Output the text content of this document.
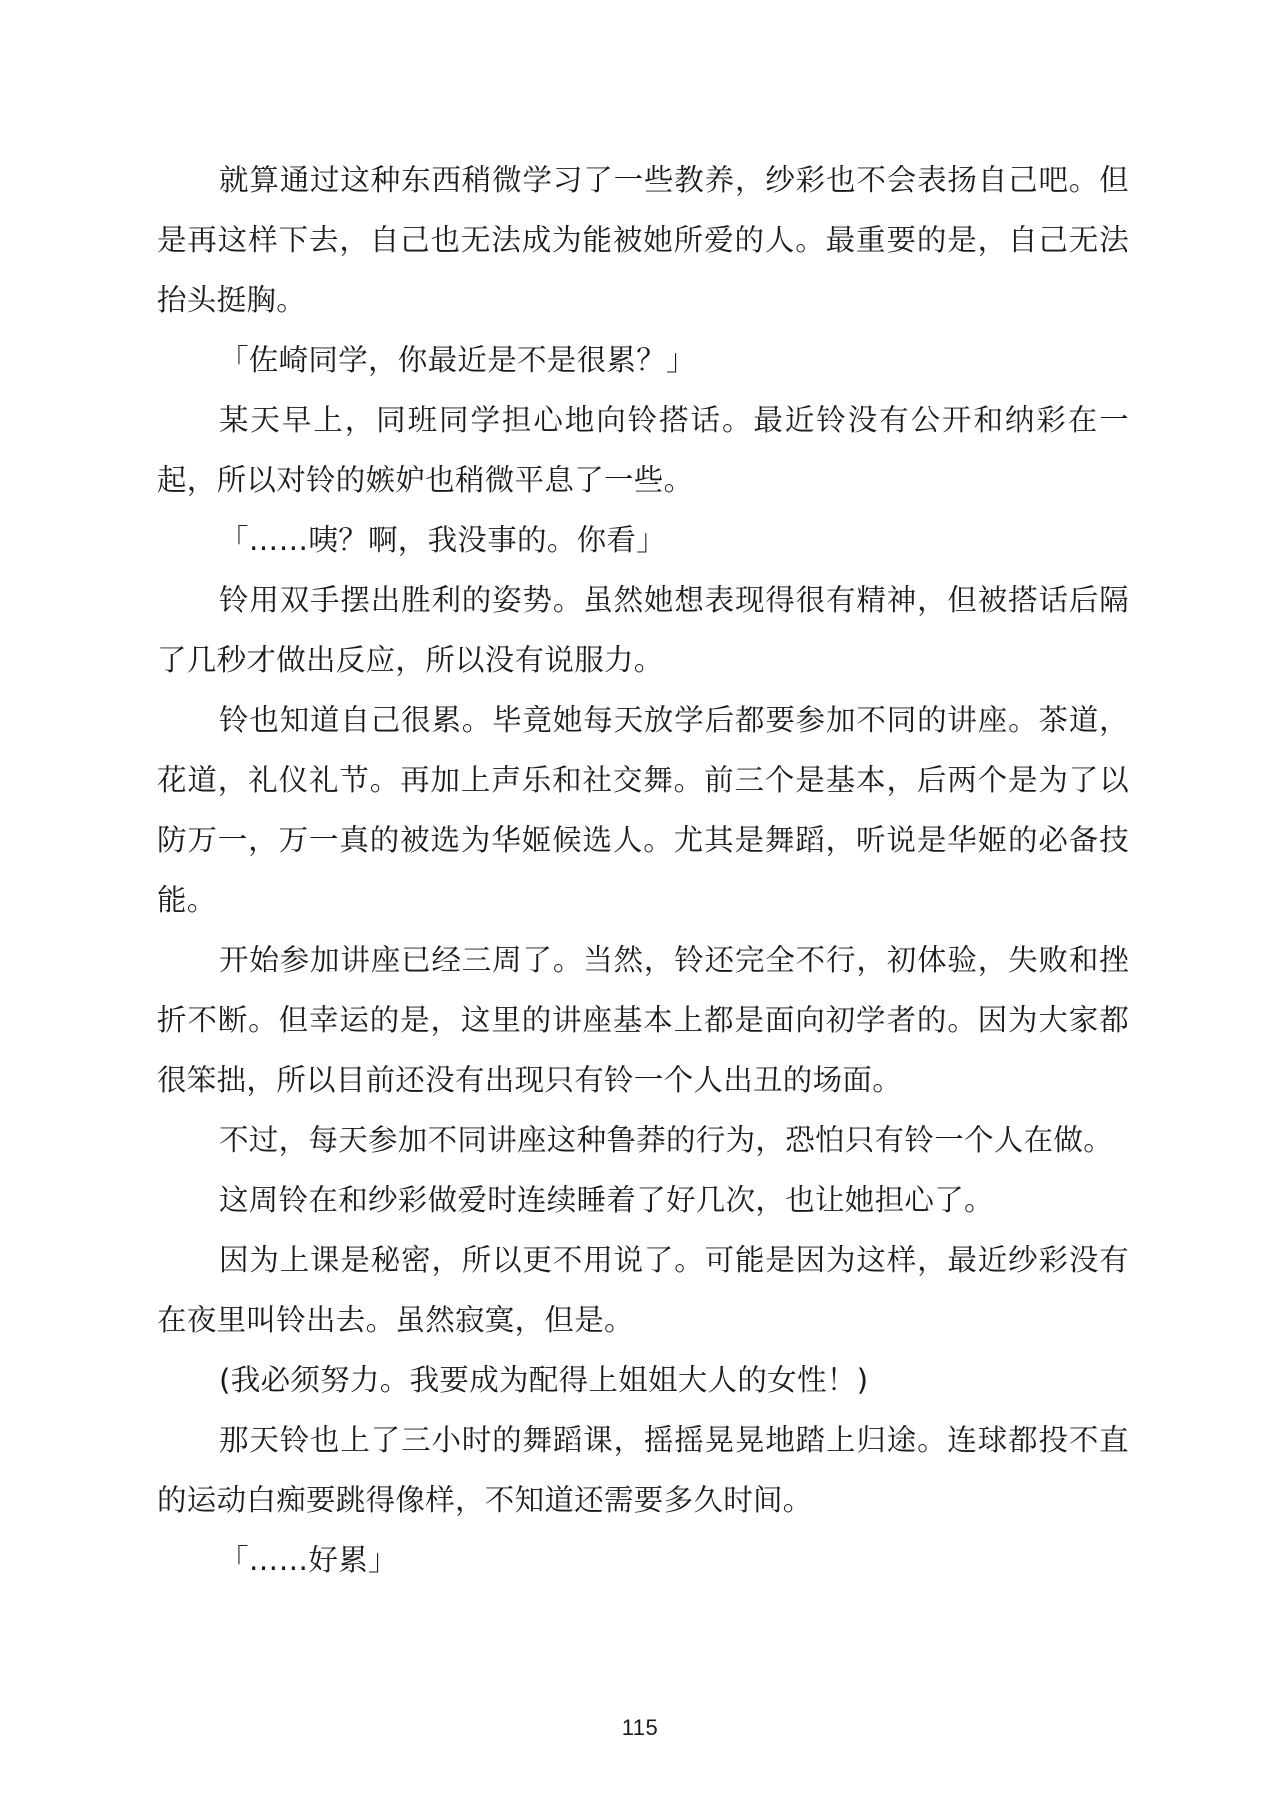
就算通过这种东西稍微学习了一些教养，纱彩也不会表扬自己吧。但是再这样下去，自己也无法成为能被她所爱的人。最重要的是，自己无法抬头挺胸。

「佐崎同学，你最近是不是很累？」

某天早上，同班同学担心地向铃搭话。最近铃没有公开和纳彩在一起，所以对铃的嫉妒也稍微平息了一些。

「……咦？啊，我没事的。你看」

铃用双手摆出胜利的姿势。虽然她想表现得很有精神，但被搭话后隔了几秒才做出反应，所以没有说服力。

铃也知道自己很累。毕竟她每天放学后都要参加不同的讲座。茶道，花道，礼仪礼节。再加上声乐和社交舞。前三个是基本，后两个是为了以防万一，万一真的被选为华姬候选人。尤其是舞蹈，听说是华姬的必备技能。

开始参加讲座已经三周了。当然，铃还完全不行，初体验，失败和挫折不断。但幸运的是，这里的讲座基本上都是面向初学者的。因为大家都很笨拙，所以目前还没有出现只有铃一个人出丑的场面。

不过，每天参加不同讲座这种鲁莽的行为，恐怕只有铃一个人在做。

这周铃在和纱彩做爱时连续睡着了好几次，也让她担心了。

因为上课是秘密，所以更不用说了。可能是因为这样，最近纱彩没有在夜里叫铃出去。虽然寂寞，但是。

(我必须努力。我要成为配得上姐姐大人的女性！)

那天铃也上了三小时的舞蹈课，摇摇晃晃地踏上归途。连球都投不直的运动白痴要跳得像样，不知道还需要多久时间。

「……好累」

115
